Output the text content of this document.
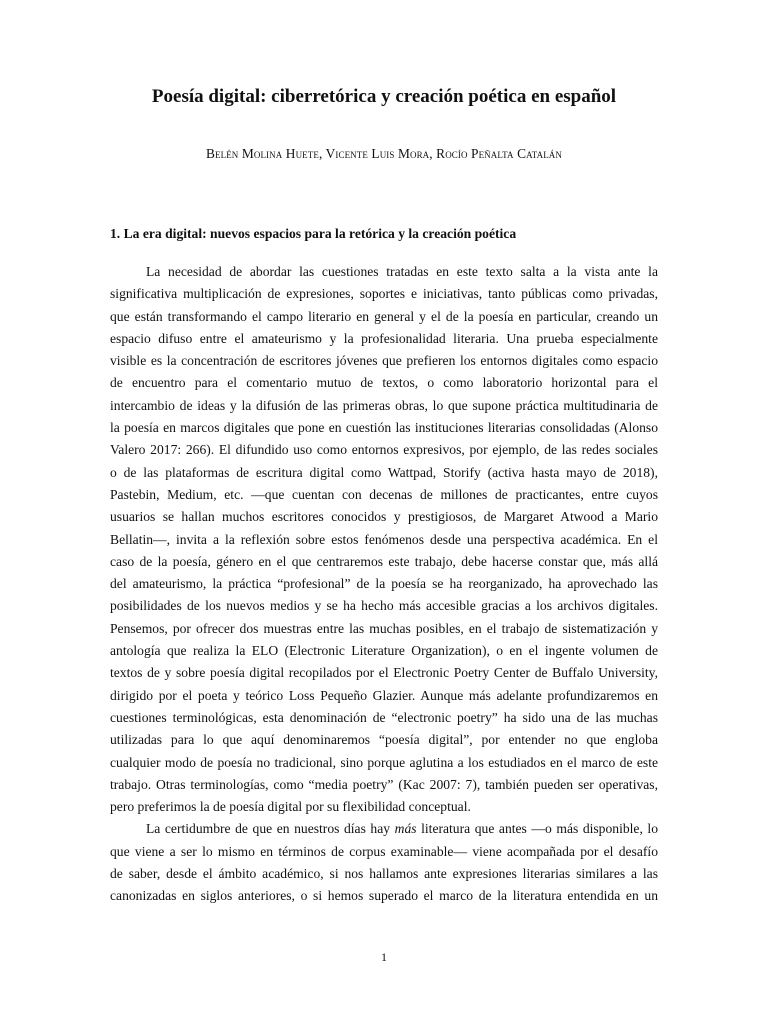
Poesía digital: ciberretórica y creación poética en español

Belén Molina Huete, Vicente Luis Mora, Rocío Peñalta Catalán

1. La era digital: nuevos espacios para la retórica y la creación poética
La necesidad de abordar las cuestiones tratadas en este texto salta a la vista ante la
significativa multiplicación de expresiones, soportes e iniciativas, tanto públicas como privadas,
que están transformando el campo literario en general y el de la poesía en particular, creando un
espacio difuso entre el amateurismo y la profesionalidad literaria. Una prueba especialmente
visible es la concentración de escritores jóvenes que prefieren los entornos digitales como espacio
de encuentro para el comentario mutuo de textos, o como laboratorio horizontal para el
intercambio de ideas y la difusión de las primeras obras, lo que supone práctica multitudinaria de
la poesía en marcos digitales que pone en cuestión las instituciones literarias consolidadas (Alonso
Valero 2017: 266). El difundido uso como entornos expresivos, por ejemplo, de las redes sociales
o de las plataformas de escritura digital como Wattpad, Storify (activa hasta mayo de 2018),
Pastebin, Medium, etc. —que cuentan con decenas de millones de practicantes, entre cuyos
usuarios se hallan muchos escritores conocidos y prestigiosos, de Margaret Atwood a Mario
Bellatin—, invita a la reflexión sobre estos fenómenos desde una perspectiva académica. En el
caso de la poesía, género en el que centraremos este trabajo, debe hacerse constar que, más allá
del amateurismo, la práctica “profesional” de la poesía se ha reorganizado, ha aprovechado las
posibilidades de los nuevos medios y se ha hecho más accesible gracias a los archivos digitales.
Pensemos, por ofrecer dos muestras entre las muchas posibles, en el trabajo de sistematización y
antología que realiza la ELO (Electronic Literature Organization), o en el ingente volumen de
textos de y sobre poesía digital recopilados por el Electronic Poetry Center de Buffalo University,
dirigido por el poeta y teórico Loss Pequeño Glazier. Aunque más adelante profundizaremos en
cuestiones terminológicas, esta denominación de “electronic poetry” ha sido una de las muchas
utilizadas para lo que aquí denominaremos “poesía digital”, por entender no que engloba
cualquier modo de poesía no tradicional, sino porque aglutina a los estudiados en el marco de este
trabajo. Otras terminologías, como “media poetry” (Kac 2007: 7), también pueden ser operativas,
pero preferimos la de poesía digital por su flexibilidad conceptual.
La certidumbre de que en nuestros días hay más literatura que antes —o más disponible, lo
que viene a ser lo mismo en términos de corpus examinable— viene acompañada por el desafío
de saber, desde el ámbito académico, si nos hallamos ante expresiones literarias similares a las
canonizadas en siglos anteriores, o si hemos superado el marco de la literatura entendida en un

1
